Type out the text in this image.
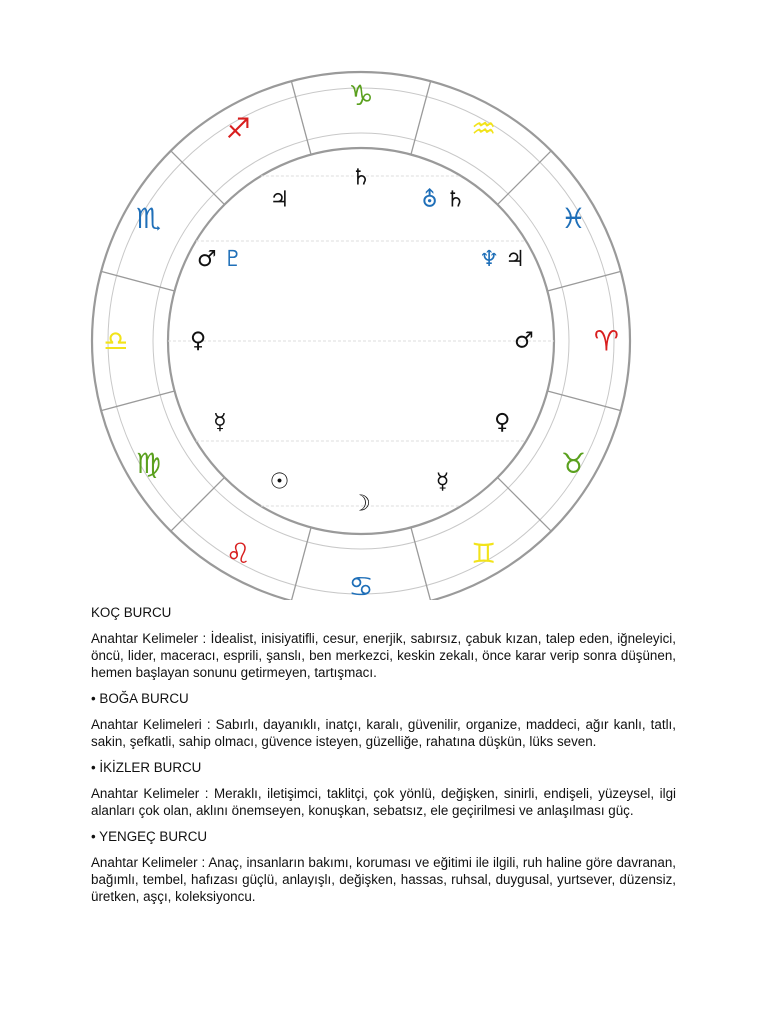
♈
♉
♊
♋
♌
♍
♎
♏
♐
♑
♒
♓
♂
♀
☿
☽
☉
☿
♀
♂ ♇
♃
♄
⛢ ♄
♆ ♃

KOÇ BURCU

Anahtar Kelimeler : İdealist, inisiyatifli, cesur, enerjik, sabırsız, çabuk kızan, talep eden, iğneleyici, öncü, lider, maceracı, esprili, şanslı, ben merkezci, keskin zekalı, önce karar verip sonra düşünen, hemen başlayan sonunu getirmeyen, tartışmacı.

• BOĞA BURCU

Anahtar Kelimeleri : Sabırlı, dayanıklı, inatçı, karalı, güvenilir, organize, maddeci, ağır kanlı, tatlı, sakin, şefkatli, sahip olmacı, güvence isteyen, güzelliğe, rahatına düşkün, lüks seven.

• İKİZLER BURCU

Anahtar Kelimeler : Meraklı, iletişimci, taklitçi, çok yönlü, değişken, sinirli, endişeli, yüzeysel, ilgi alanları çok olan, aklını önemseyen, konuşkan, sebatsız, ele geçirilmesi ve anlaşılması güç.

• YENGEÇ BURCU

Anahtar Kelimeler : Anaç, insanların bakımı, koruması ve eğitimi ile ilgili, ruh haline göre davranan, bağımlı, tembel, hafızası güçlü, anlayışlı, değişken, hassas, ruhsal, duygusal, yurtsever, düzensiz, üretken, aşçı, koleksiyoncu.
